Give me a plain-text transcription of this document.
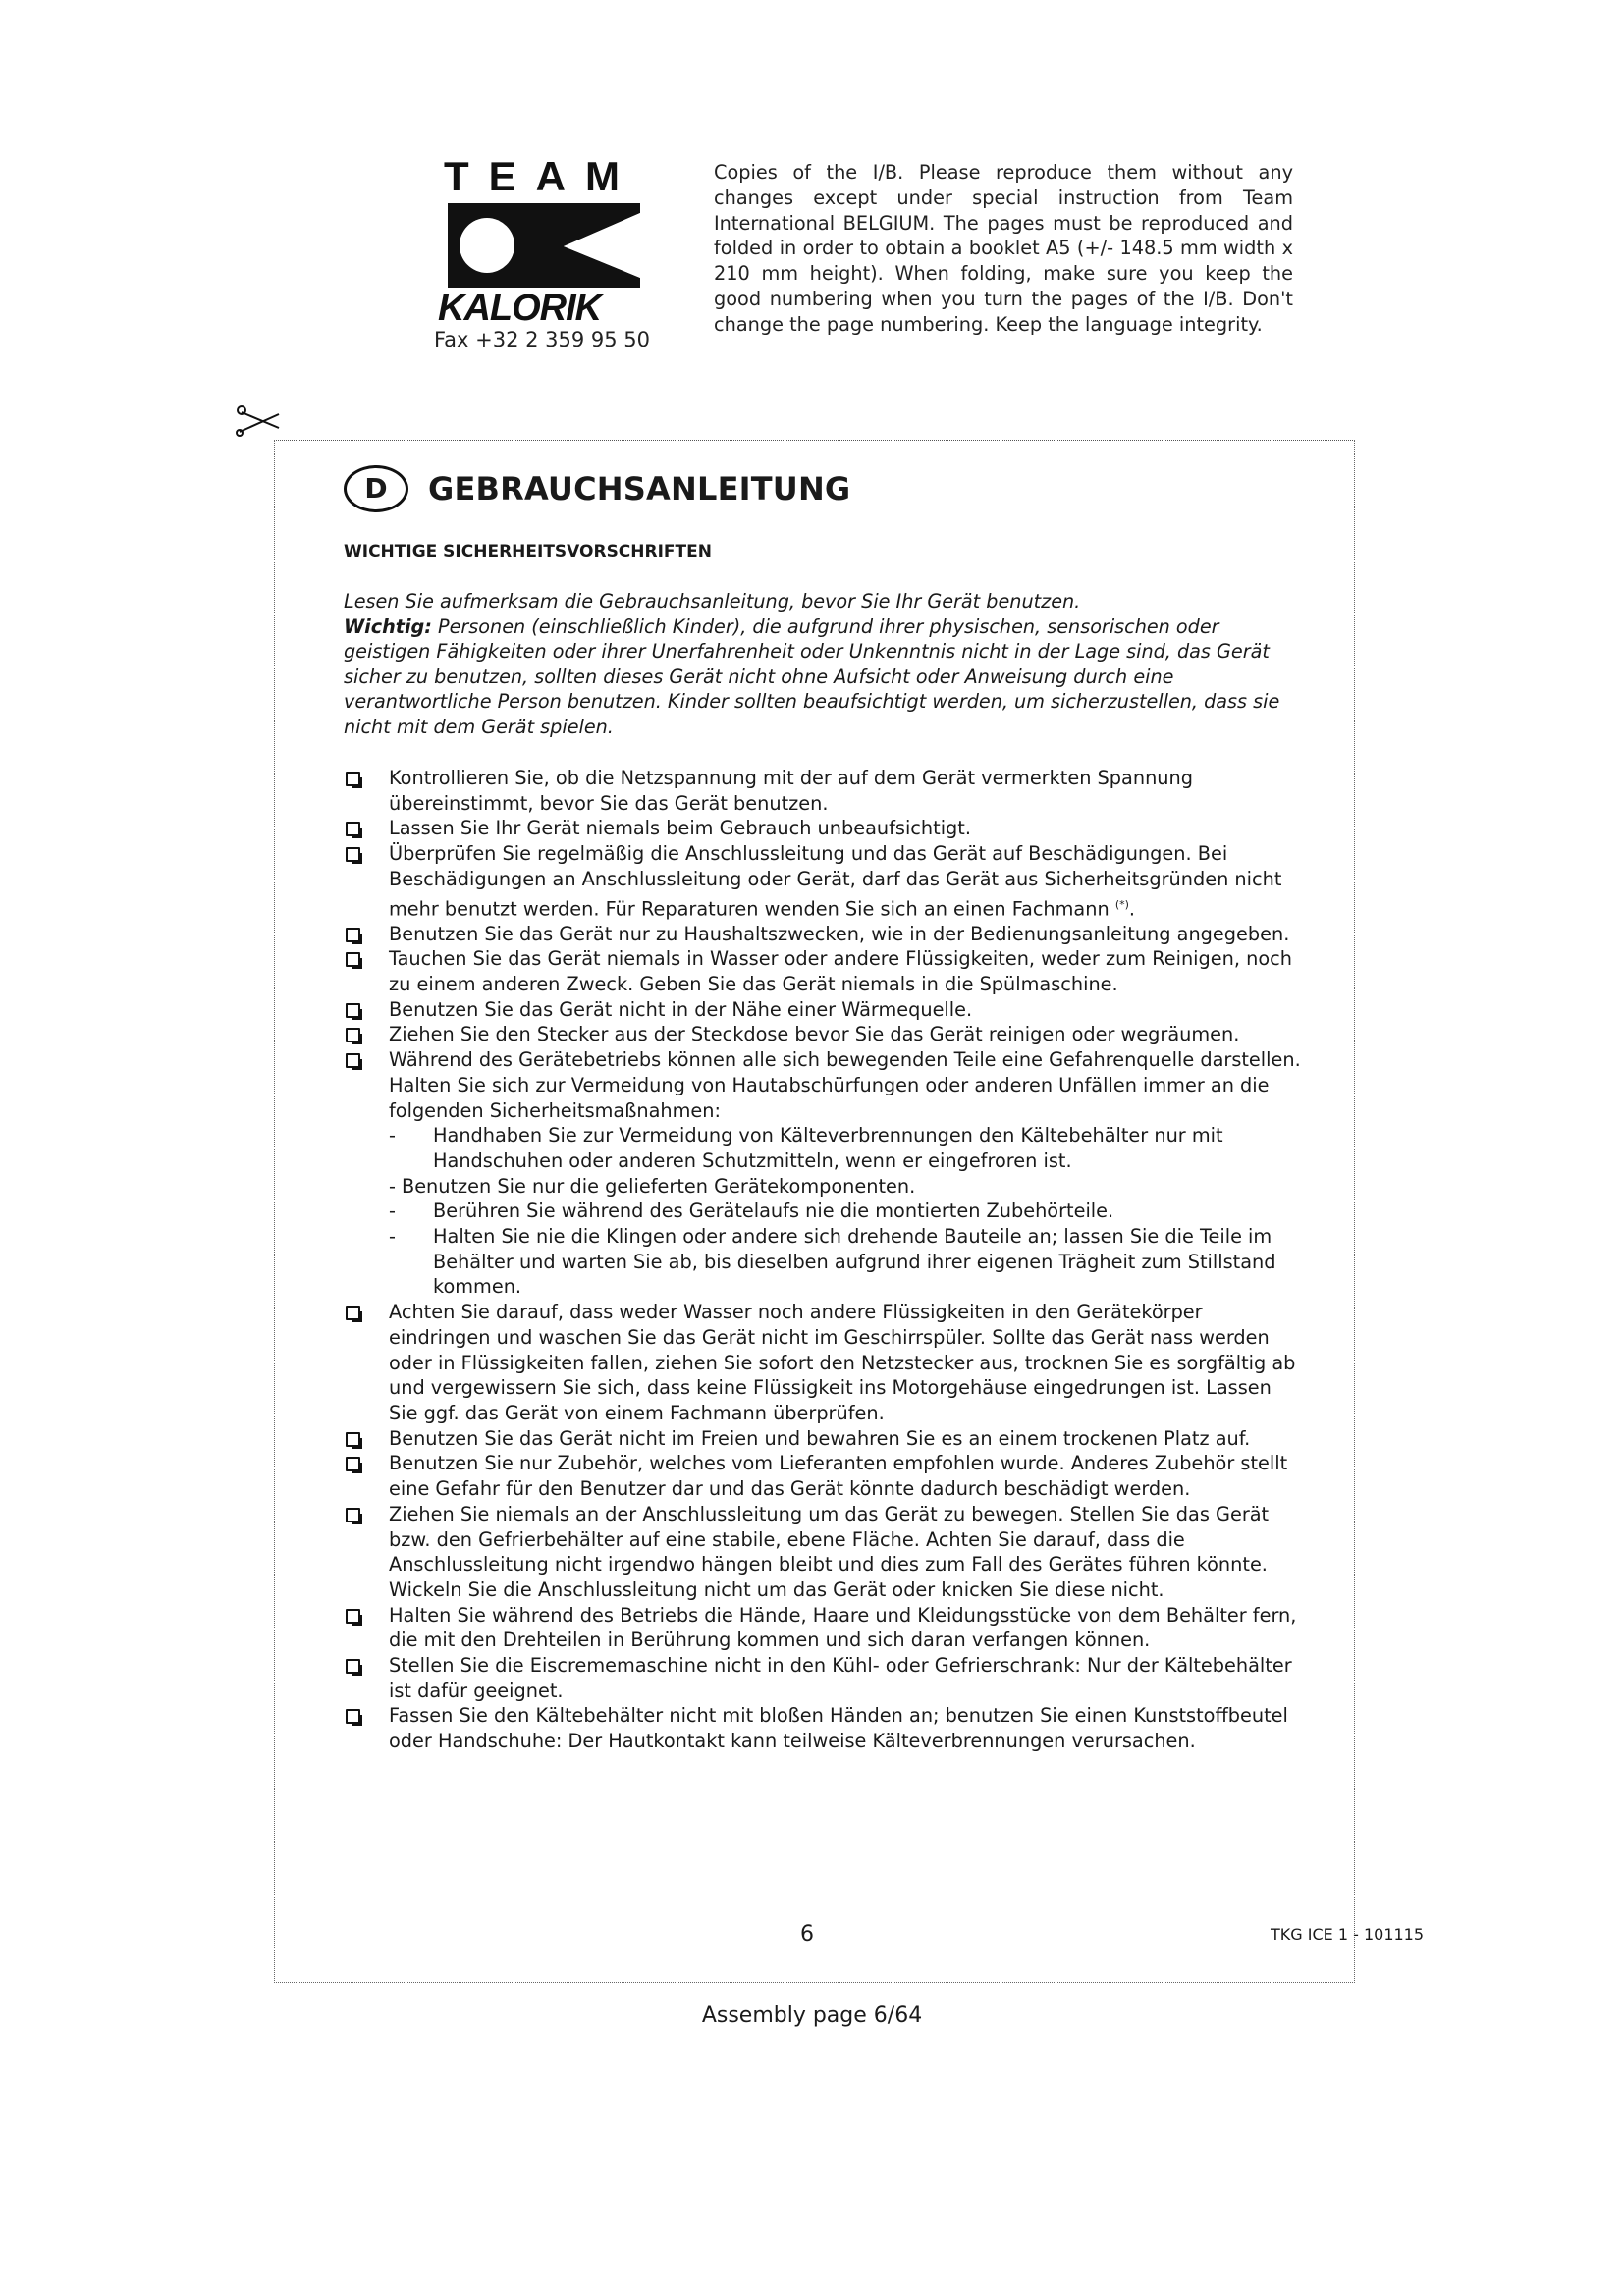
TEAM
KALORIK
Fax +32 2 359 95 50
Copies of the I/B. Please reproduce them without any changes except under special instruction from Team International BELGIUM. The pages must be reproduced and folded in order to obtain a booklet A5 (+/- 148.5 mm width x 210 mm height). When folding, make sure you keep the good numbering when you turn the pages of the I/B. Don't change the page numbering. Keep the language integrity.
D	GEBRAUCHSANLEITUNG
WICHTIGE SICHERHEITSVORSCHRIFTEN

Lesen Sie aufmerksam die Gebrauchsanleitung, bevor Sie Ihr Gerät benutzen.

Wichtig: Personen (einschließlich Kinder), die aufgrund ihrer physischen, sensorischen oder geistigen Fähigkeiten oder ihrer Unerfahrenheit oder Unkenntnis nicht in der Lage sind, das Gerät sicher zu benutzen, sollten dieses Gerät nicht ohne Aufsicht oder Anweisung durch eine verantwortliche Person benutzen. Kinder sollten beaufsichtigt werden, um sicherzustellen, dass sie nicht mit dem Gerät spielen.

Kontrollieren Sie, ob die Netzspannung mit der auf dem Gerät vermerkten Spannung übereinstimmt, bevor Sie das Gerät benutzen.
Lassen Sie Ihr Gerät niemals beim Gebrauch unbeaufsichtigt.
Überprüfen Sie regelmäßig die Anschlussleitung und das Gerät auf Beschädigungen. Bei Beschädigungen an Anschlussleitung oder Gerät, darf das Gerät aus Sicherheitsgründen nicht mehr benutzt werden. Für Reparaturen wenden Sie sich an einen Fachmann (*).
Benutzen Sie das Gerät nur zu Haushaltszwecken, wie in der Bedienungsanleitung angegeben.
Tauchen Sie das Gerät niemals in Wasser oder andere Flüssigkeiten, weder zum Reinigen, noch zu einem anderen Zweck. Geben Sie das Gerät niemals in die Spülmaschine.
Benutzen Sie das Gerät nicht in der Nähe einer Wärmequelle.
Ziehen Sie den Stecker aus der Steckdose bevor Sie das Gerät reinigen oder wegräumen.
Während des Gerätebetriebs können alle sich bewegenden Teile eine Gefahrenquelle darstellen. Halten Sie sich zur Vermeidung von Hautabschürfungen oder anderen Unfällen immer an die folgenden Sicherheitsmaßnahmen:
- Handhaben Sie zur Vermeidung von Kälteverbrennungen den Kältebehälter nur mit Handschuhen oder anderen Schutzmitteln, wenn er eingefroren ist.
- Benutzen Sie nur die gelieferten Gerätekomponenten.
- Berühren Sie während des Gerätelaufs nie die montierten Zubehörteile.
- Halten Sie nie die Klingen oder andere sich drehende Bauteile an; lassen Sie die Teile im Behälter und warten Sie ab, bis dieselben aufgrund ihrer eigenen Trägheit zum Stillstand kommen.
Achten Sie darauf, dass weder Wasser noch andere Flüssigkeiten in den Gerätekörper eindringen und waschen Sie das Gerät nicht im Geschirrspüler. Sollte das Gerät nass werden oder in Flüssigkeiten fallen, ziehen Sie sofort den Netzstecker aus, trocknen Sie es sorgfältig ab und vergewissern Sie sich, dass keine Flüssigkeit ins Motorgehäuse eingedrungen ist. Lassen Sie ggf. das Gerät von einem Fachmann überprüfen.
Benutzen Sie das Gerät nicht im Freien und bewahren Sie es an einem trockenen Platz auf.
Benutzen Sie nur Zubehör, welches vom Lieferanten empfohlen wurde. Anderes Zubehör stellt eine Gefahr für den Benutzer dar und das Gerät könnte dadurch beschädigt werden.
Ziehen Sie niemals an der Anschlussleitung um das Gerät zu bewegen. Stellen Sie das Gerät bzw. den Gefrierbehälter auf eine stabile, ebene Fläche. Achten Sie darauf, dass die Anschlussleitung nicht irgendwo hängen bleibt und dies zum Fall des Gerätes führen könnte. Wickeln Sie die Anschlussleitung nicht um das Gerät oder knicken Sie diese nicht.
Halten Sie während des Betriebs die Hände, Haare und Kleidungsstücke von dem Behälter fern, die mit den Drehteilen in Berührung kommen und sich daran verfangen können.
Stellen Sie die Eiscrememaschine nicht in den Kühl- oder Gefrierschrank: Nur der Kältebehälter ist dafür geeignet.
Fassen Sie den Kältebehälter nicht mit bloßen Händen an; benutzen Sie einen Kunststoffbeutel oder Handschuhe: Der Hautkontakt kann teilweise Kälteverbrennungen verursachen.
6	TKG ICE 1 - 101115
Assembly page 6/64
